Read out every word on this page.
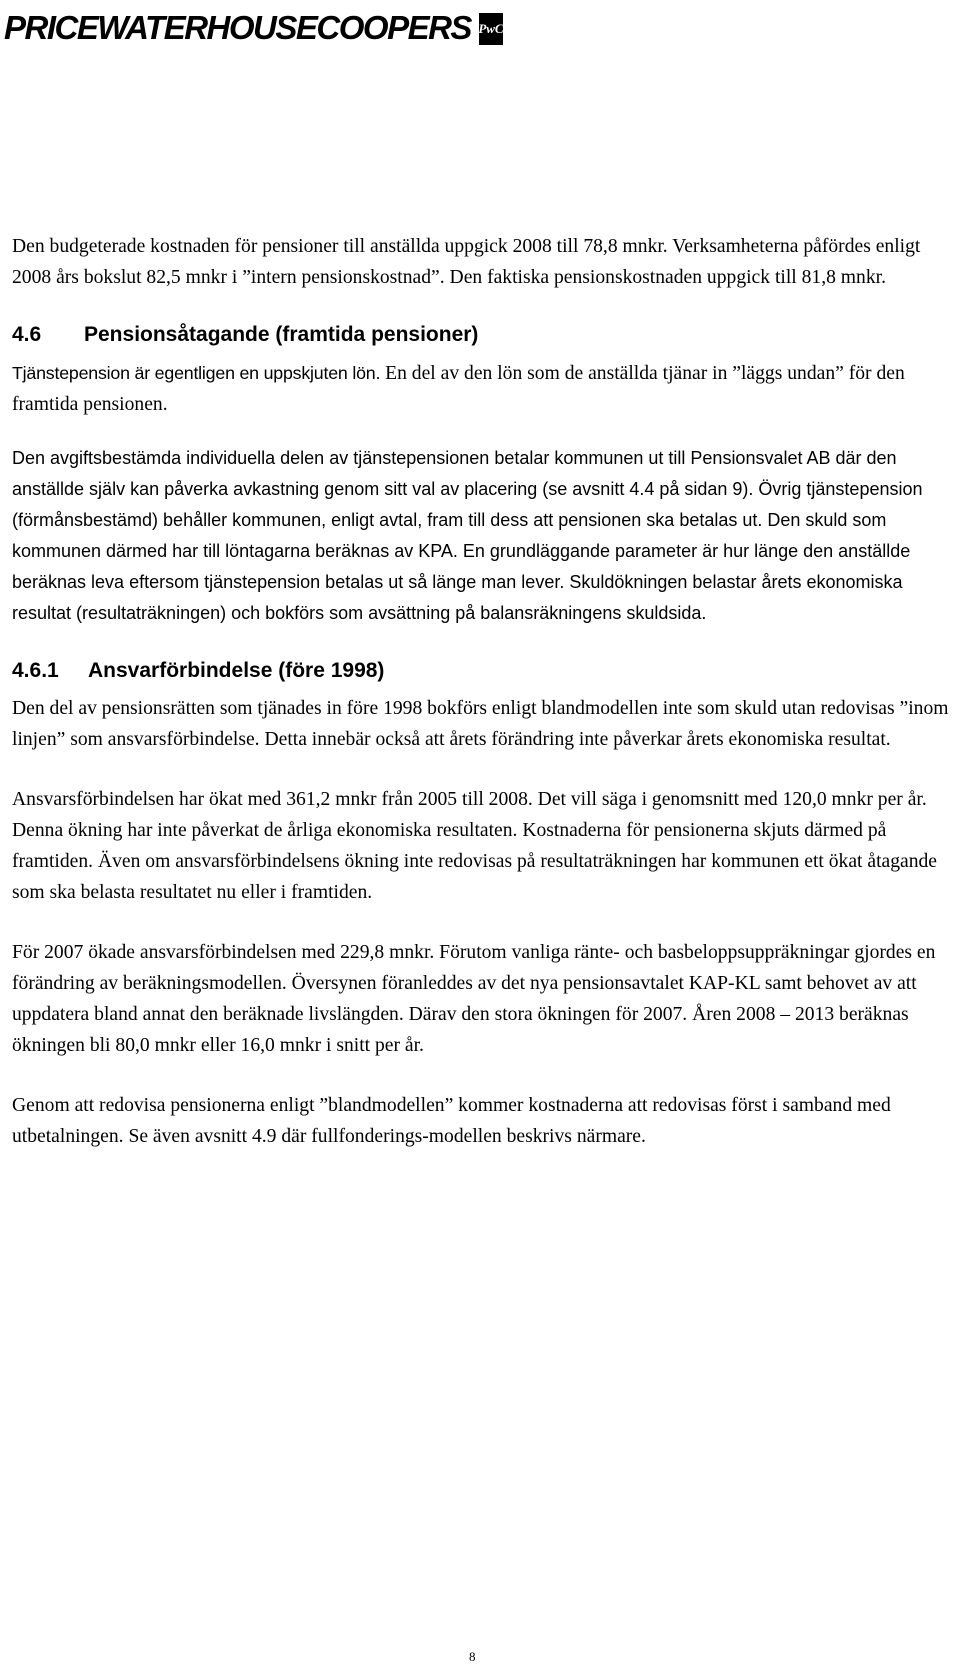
PRICEWATERHOUSECOOPERS PwC

Den budgeterade kostnaden för pensioner till anställda uppgick 2008 till 78,8 mnkr. Verksamheterna påfördes enligt 2008 års bokslut 82,5 mnkr i ”intern pensionskostnad”. Den faktiska pensionskostnaden uppgick till 81,8 mnkr.

4.6 Pensionsåtagande (framtida pensioner)

Tjänstepension är egentligen en uppskjuten lön. En del av den lön som de anställda tjänar in ”läggs undan” för den framtida pensionen.

Den avgiftsbestämda individuella delen av tjänstepensionen betalar kommunen ut till Pensionsvalet AB där den anställde själv kan påverka avkastning genom sitt val av placering (se avsnitt 4.4 på sidan 9). Övrig tjänstepension (förmånsbestämd) behåller kommunen, enligt avtal, fram till dess att pensionen ska betalas ut. Den skuld som kommunen därmed har till löntagarna beräknas av KPA. En grundläggande parameter är hur länge den anställde beräknas leva eftersom tjänstepension betalas ut så länge man lever. Skuldökningen belastar årets ekonomiska resultat (resultaträkningen) och bokförs som avsättning på balansräkningens skuldsida.

4.6.1 Ansvarförbindelse (före 1998)

Den del av pensionsrätten som tjänades in före 1998 bokförs enligt blandmodellen inte som skuld utan redovisas ”inom linjen” som ansvarsförbindelse. Detta innebär också att årets förändring inte påverkar årets ekonomiska resultat.

Ansvarsförbindelsen har ökat med 361,2 mnkr från 2005 till 2008. Det vill säga i genomsnitt med 120,0 mnkr per år. Denna ökning har inte påverkat de årliga ekonomiska resultaten. Kostnaderna för pensionerna skjuts därmed på framtiden. Även om ansvarsförbindelsens ökning inte redovisas på resultaträkningen har kommunen ett ökat åtagande som ska belasta resultatet nu eller i framtiden.

För 2007 ökade ansvarsförbindelsen med 229,8 mnkr. Förutom vanliga ränte- och basbeloppsuppräkningar gjordes en förändring av beräkningsmodellen. Översynen föranleddes av det nya pensionsavtalet KAP-KL samt behovet av att uppdatera bland annat den beräknade livslängden. Därav den stora ökningen för 2007. Åren 2008 – 2013 beräknas ökningen bli 80,0 mnkr eller 16,0 mnkr i snitt per år.

Genom att redovisa pensionerna enligt ”blandmodellen” kommer kostnaderna att redovisas först i samband med utbetalningen. Se även avsnitt 4.9 där fullfonderings-modellen beskrivs närmare.

8
